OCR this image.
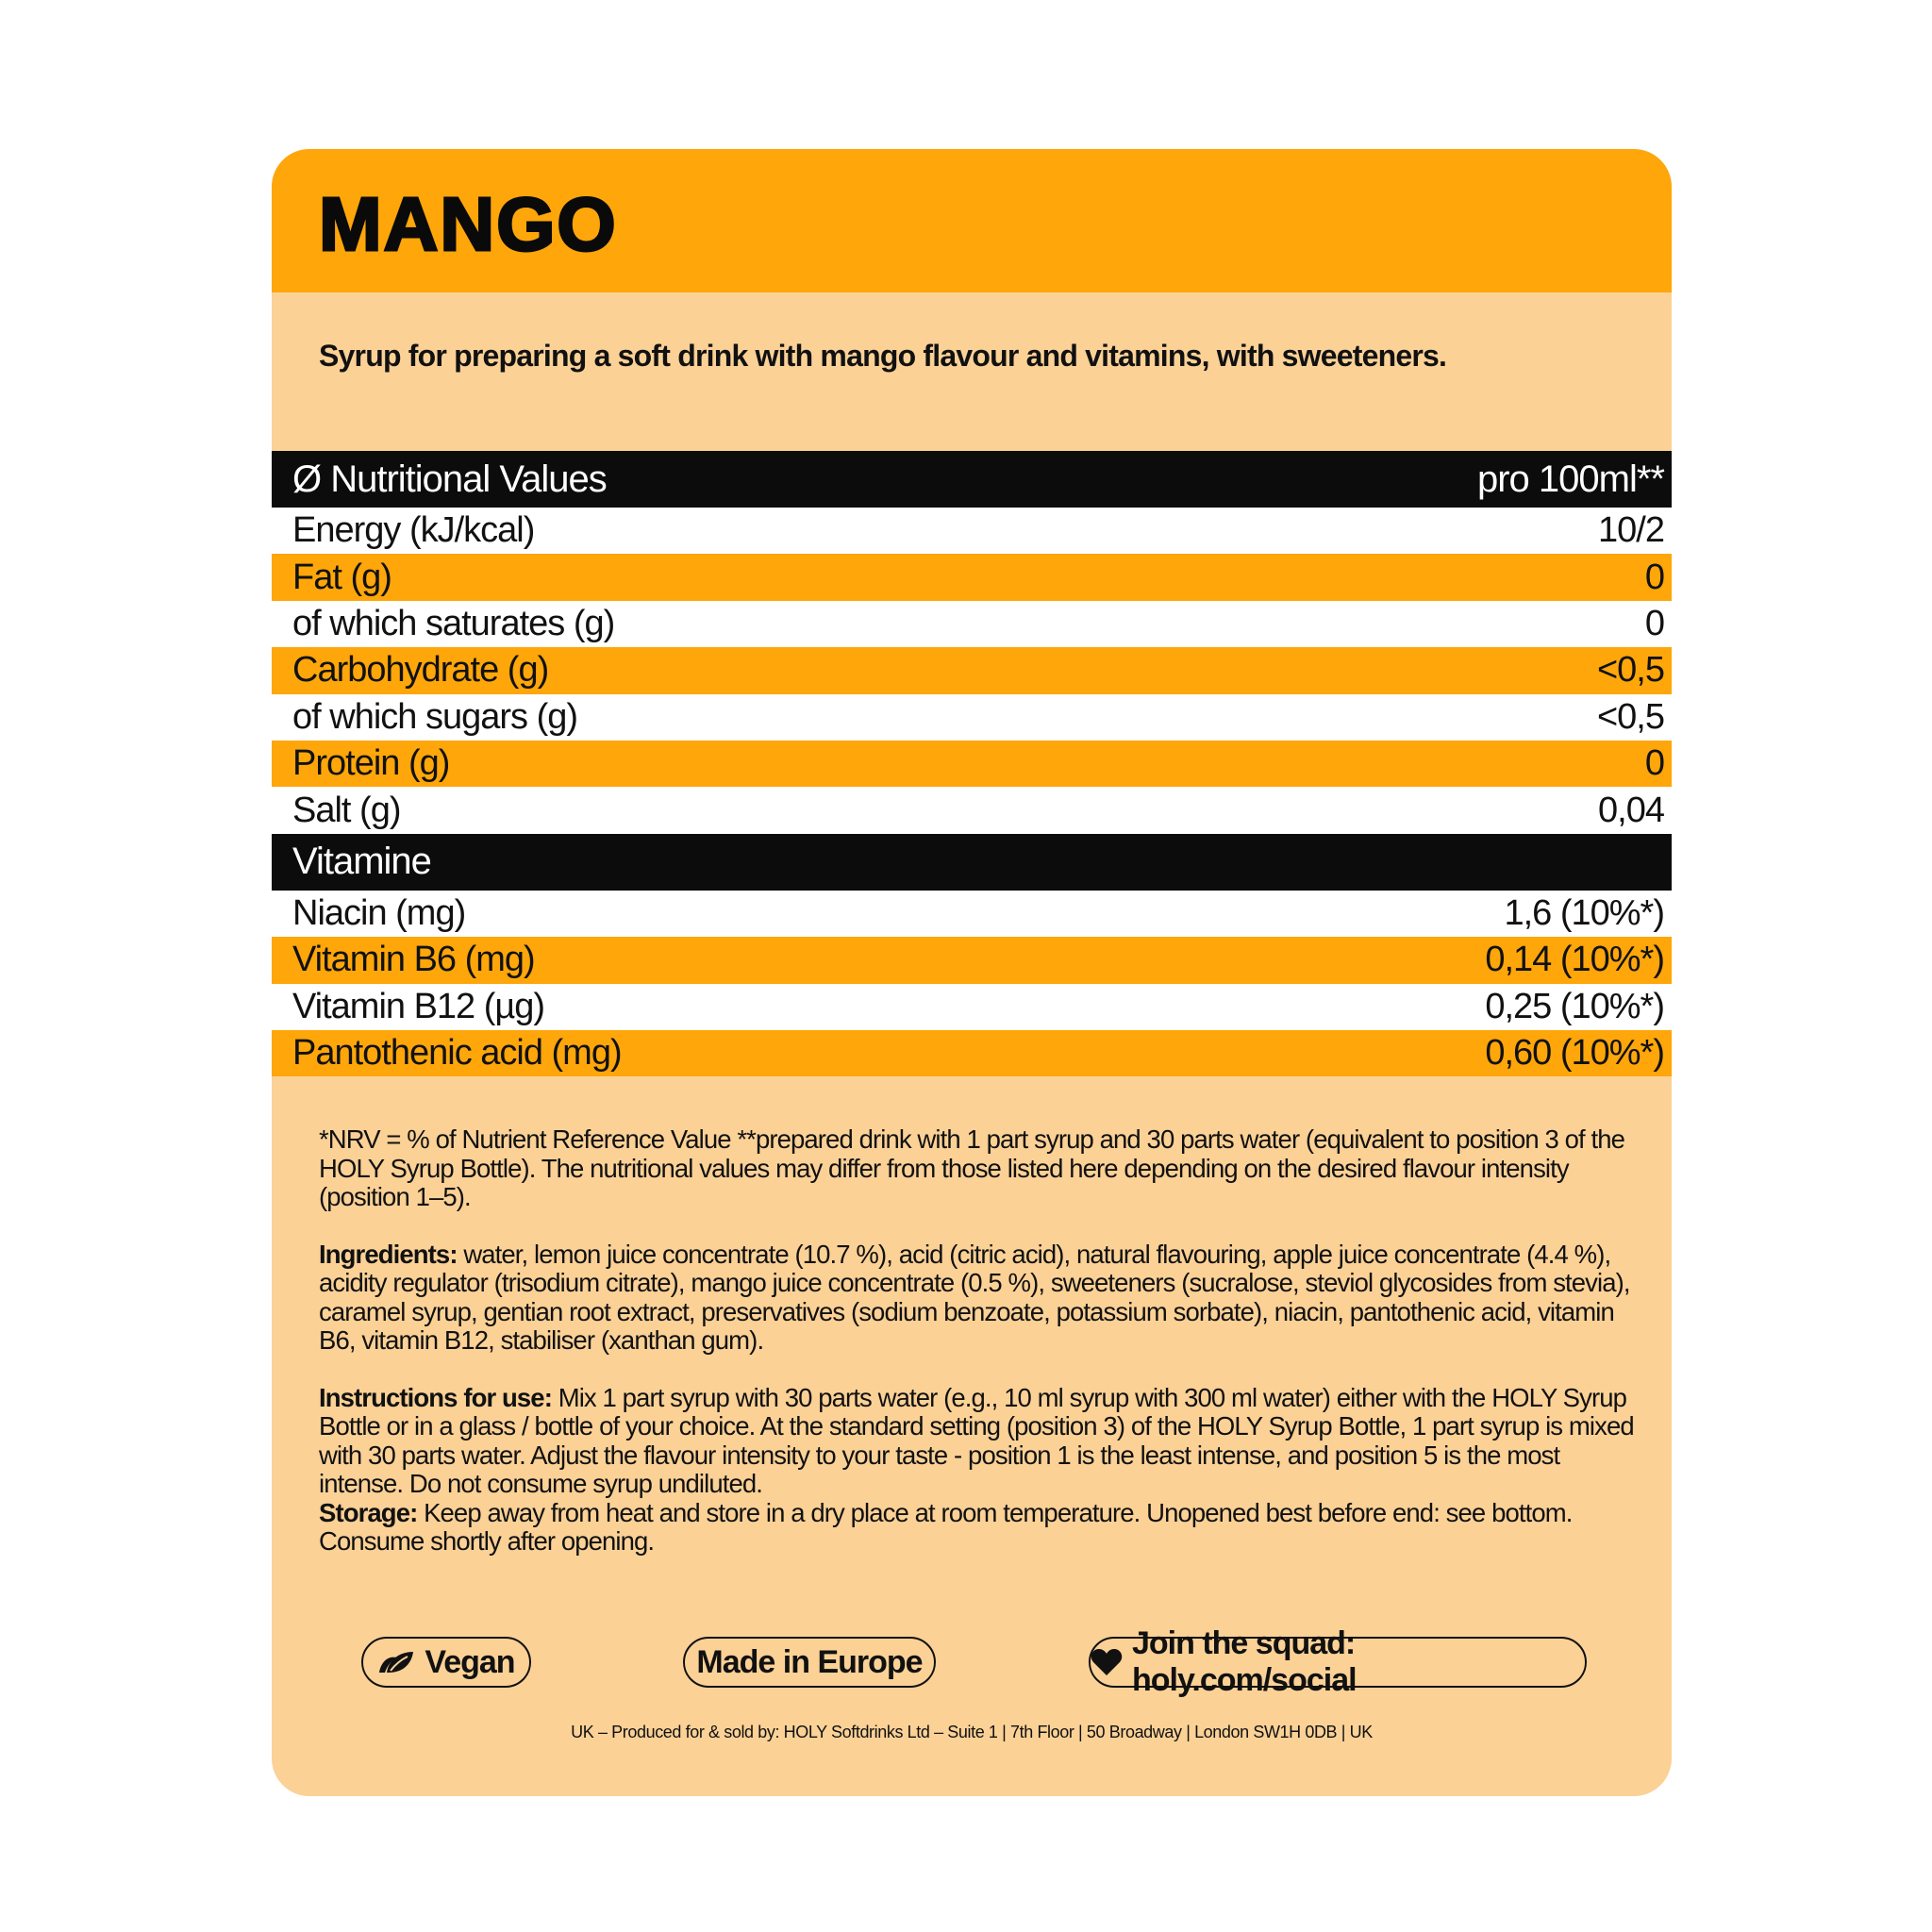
MANGO
Syrup for preparing a soft drink with mango flavour and vitamins, with sweeteners.
Ø Nutritional Values	pro 100ml**
Energy (kJ/kcal)	10/2
Fat (g)	0
of which saturates (g)	0
Carbohydrate (g)	<0,5
of which sugars (g)	<0,5
Protein (g)	0
Salt (g)	0,04
Vitamine
Niacin (mg)	1,6 (10%*)
Vitamin B6 (mg)	0,14 (10%*)
Vitamin B12 (µg)	0,25 (10%*)
Pantothenic acid (mg)	0,60 (10%*)

*NRV = % of Nutrient Reference Value **prepared drink with 1 part syrup and 30 parts water (equivalent to position 3 of the HOLY Syrup Bottle). The nutritional values may differ from those listed here depending on the desired flavour intensity (position 1–5).

Ingredients: water, lemon juice concentrate (10.7 %), acid (citric acid), natural flavouring, apple juice concentrate (4.4 %), acidity regulator (trisodium citrate), mango juice concentrate (0.5 %), sweeteners (sucralose, steviol glycosides from stevia), caramel syrup, gentian root extract, preservatives (sodium benzoate, potassium sorbate), niacin, pantothenic acid, vitamin B6, vitamin B12, stabiliser (xanthan gum).

Instructions for use: Mix 1 part syrup with 30 parts water (e.g., 10 ml syrup with 300 ml water) either with the HOLY Syrup Bottle or in a glass / bottle of your choice. At the standard setting (position 3) of the HOLY Syrup Bottle, 1 part syrup is mixed with 30 parts water. Adjust the flavour intensity to your taste - position 1 is the least intense, and position 5 is the most intense. Do not consume syrup undiluted.

Storage: Keep away from heat and store in a dry place at room temperature. Unopened best before end: see bottom. Consume shortly after opening.

Vegan	Made in Europe
Join the squad: holy.com/social
UK – Produced for & sold by: HOLY Softdrinks Ltd – Suite 1 | 7th Floor | 50 Broadway | London SW1H 0DB | UK
